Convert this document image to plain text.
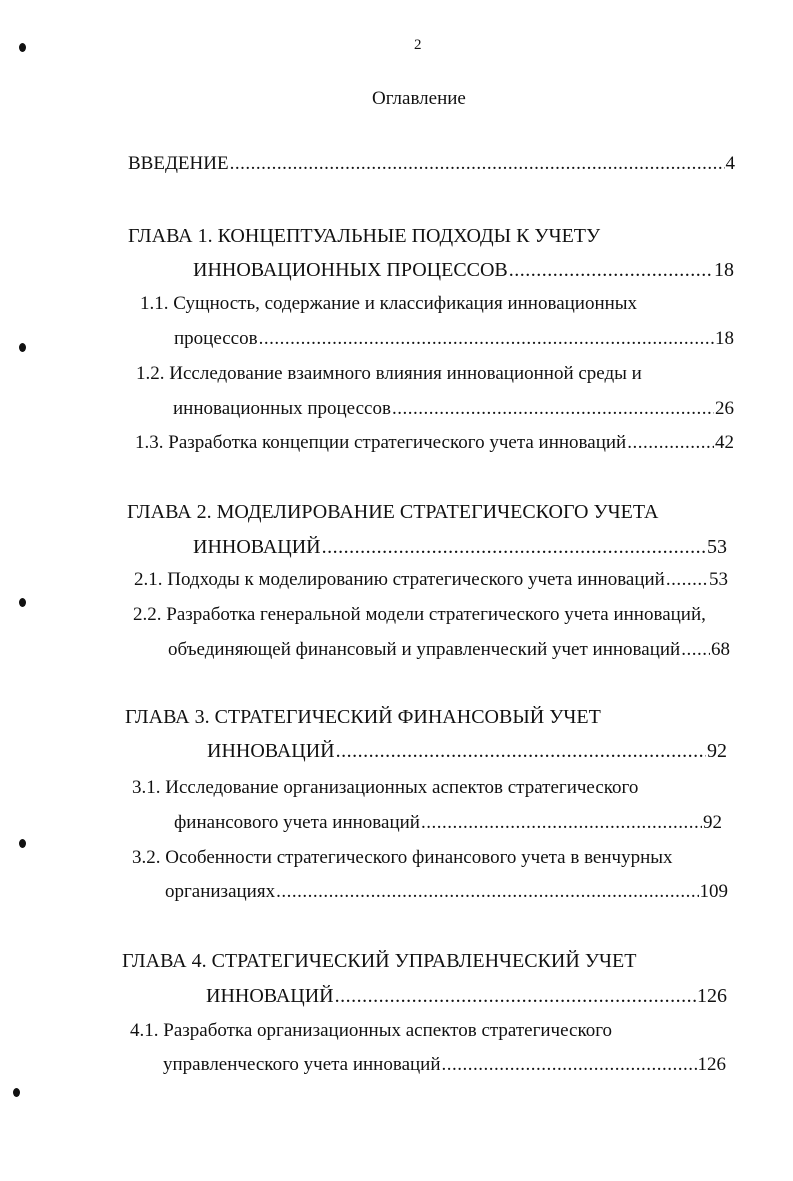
2
Оглавление
ВВЕДЕНИЕ .....	4
ГЛАВА 1. КОНЦЕПТУАЛЬНЫЕ ПОДХОДЫ К УЧЕТУ
ИННОВАЦИОННЫХ ПРОЦЕССОВ .....	18
1.1. Сущность, содержание и классификация инновационных
процессов .....	18
1.2. Исследование взаимного влияния инновационной среды и
инновационных процессов .....	26
1.3. Разработка концепции стратегического учета инноваций .....	42
ГЛАВА 2. МОДЕЛИРОВАНИЕ СТРАТЕГИЧЕСКОГО УЧЕТА
ИННОВАЦИЙ .....	53
2.1. Подходы к моделированию стратегического учета инноваций ..... 53
2.2. Разработка генеральной модели стратегического учета инноваций,
объединяющей финансовый и управленческий учет инноваций ..... 68
ГЛАВА 3. СТРАТЕГИЧЕСКИЙ ФИНАНСОВЫЙ УЧЕТ
ИННОВАЦИЙ .....	92
3.1. Исследование организационных аспектов стратегического
финансового учета инноваций .....	92
3.2. Особенности стратегического финансового учета в венчурных
организациях .....	109
ГЛАВА 4. СТРАТЕГИЧЕСКИЙ УПРАВЛЕНЧЕСКИЙ УЧЕТ
ИННОВАЦИЙ .....	126
4.1. Разработка организационных аспектов стратегического
управленческого учета инноваций .....	126
